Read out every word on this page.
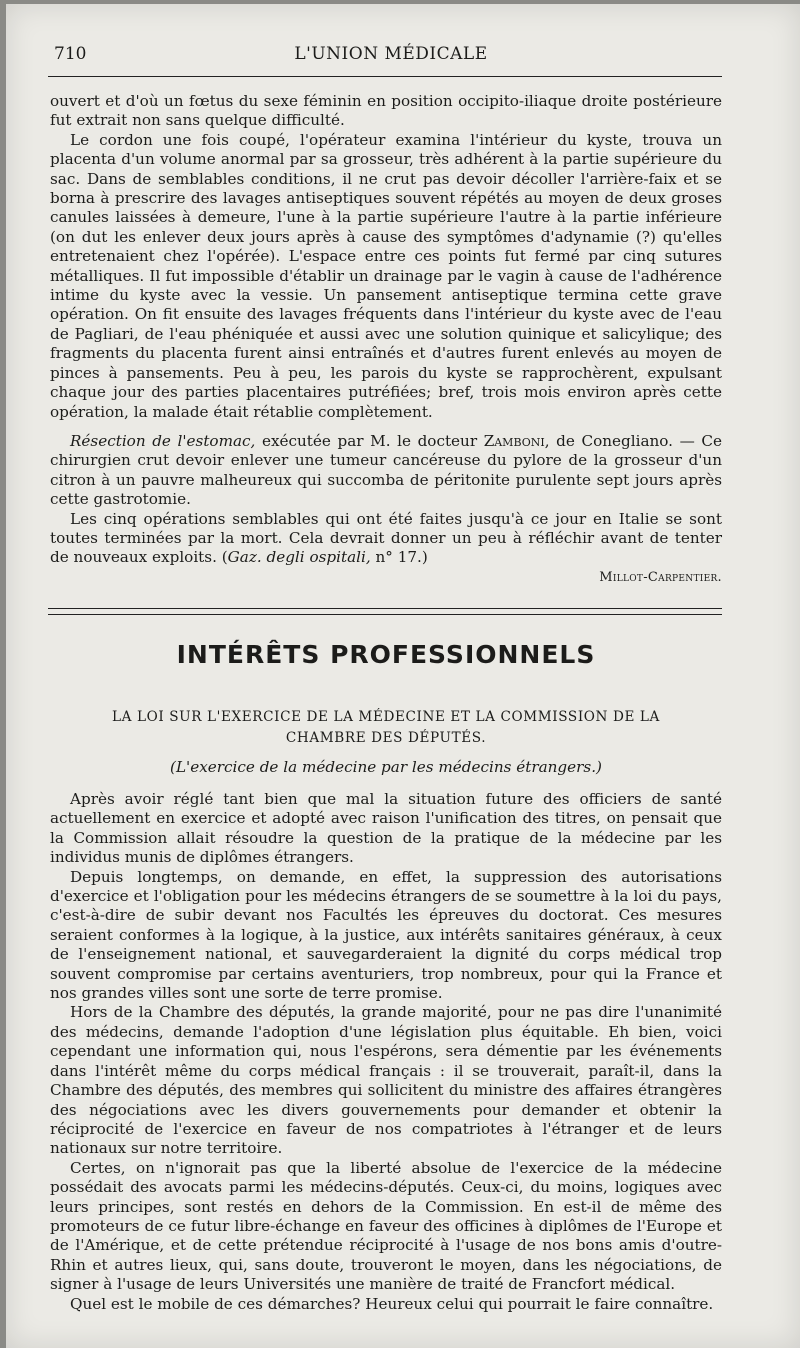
710	L'UNION MÉDICALE

ouvert et d'où un fœtus du sexe féminin en position occipito-iliaque droite postérieure fut extrait non sans quelque difficulté.

Le cordon une fois coupé, l'opérateur examina l'intérieur du kyste, trouva un placenta d'un volume anormal par sa grosseur, très adhérent à la partie supérieure du sac. Dans de semblables conditions, il ne crut pas devoir décoller l'arrière-faix et se borna à prescrire des lavages antiseptiques souvent répétés au moyen de deux groses canules laissées à demeure, l'une à la partie supérieure l'autre à la partie inférieure (on dut les enlever deux jours après à cause des symptômes d'adynamie (?) qu'elles entretenaient chez l'opérée). L'espace entre ces points fut fermé par cinq sutures métalliques. Il fut impossible d'établir un drainage par le vagin à cause de l'adhérence intime du kyste avec la vessie. Un pansement antiseptique termina cette grave opération. On fit ensuite des lavages fréquents dans l'intérieur du kyste avec de l'eau de Pagliari, de l'eau phéniquée et aussi avec une solution quinique et salicylique; des fragments du placenta furent ainsi entraînés et d'autres furent enlevés au moyen de pinces à pansements. Peu à peu, les parois du kyste se rapprochèrent, expulsant chaque jour des parties placentaires putréfiées; bref, trois mois environ après cette opération, la malade était rétablie complètement.

Résection de l'estomac, exécutée par M. le docteur Zamboni, de Conegliano. — Ce chirurgien crut devoir enlever une tumeur cancéreuse du pylore de la grosseur d'un citron à un pauvre malheureux qui succomba de péritonite purulente sept jours après cette gastrotomie.

Les cinq opérations semblables qui ont été faites jusqu'à ce jour en Italie se sont toutes terminées par la mort. Cela devrait donner un peu à réfléchir avant de tenter de nouveaux exploits. (Gaz. degli ospitali, n° 17.)

Millot-Carpentier.
INTÉRÊTS PROFESSIONNELS
LA LOI SUR L'EXERCICE DE LA MÉDECINE ET LA COMMISSION DE LA CHAMBRE DES DÉPUTÉS.
(L'exercice de la médecine par les médecins étrangers.)

Après avoir réglé tant bien que mal la situation future des officiers de santé actuellement en exercice et adopté avec raison l'unification des titres, on pensait que la Commission allait résoudre la question de la pratique de la médecine par les individus munis de diplômes étrangers.

Depuis longtemps, on demande, en effet, la suppression des autorisations d'exercice et l'obligation pour les médecins étrangers de se soumettre à la loi du pays, c'est-à-dire de subir devant nos Facultés les épreuves du doctorat. Ces mesures seraient conformes à la logique, à la justice, aux intérêts sanitaires généraux, à ceux de l'enseignement national, et sauvegarderaient la dignité du corps médical trop souvent compromise par certains aventuriers, trop nombreux, pour qui la France et nos grandes villes sont une sorte de terre promise.

Hors de la Chambre des députés, la grande majorité, pour ne pas dire l'unanimité des médecins, demande l'adoption d'une législation plus équitable. Eh bien, voici cependant une information qui, nous l'espérons, sera démentie par les événements dans l'intérêt même du corps médical français : il se trouverait, paraît-il, dans la Chambre des députés, des membres qui sollicitent du ministre des affaires étrangères des négociations avec les divers gouvernements pour demander et obtenir la réciprocité de l'exercice en faveur de nos compatriotes à l'étranger et de leurs nationaux sur notre territoire.

Certes, on n'ignorait pas que la liberté absolue de l'exercice de la médecine possédait des avocats parmi les médecins-députés. Ceux-ci, du moins, logiques avec leurs principes, sont restés en dehors de la Commission. En est-il de même des promoteurs de ce futur libre-échange en faveur des officines à diplômes de l'Europe et de l'Amérique, et de cette prétendue réciprocité à l'usage de nos bons amis d'outre-Rhin et autres lieux, qui, sans doute, trouveront le moyen, dans les négociations, de signer à l'usage de leurs Universités une manière de traité de Francfort médical.

Quel est le mobile de ces démarches? Heureux celui qui pourrait le faire connaître.
